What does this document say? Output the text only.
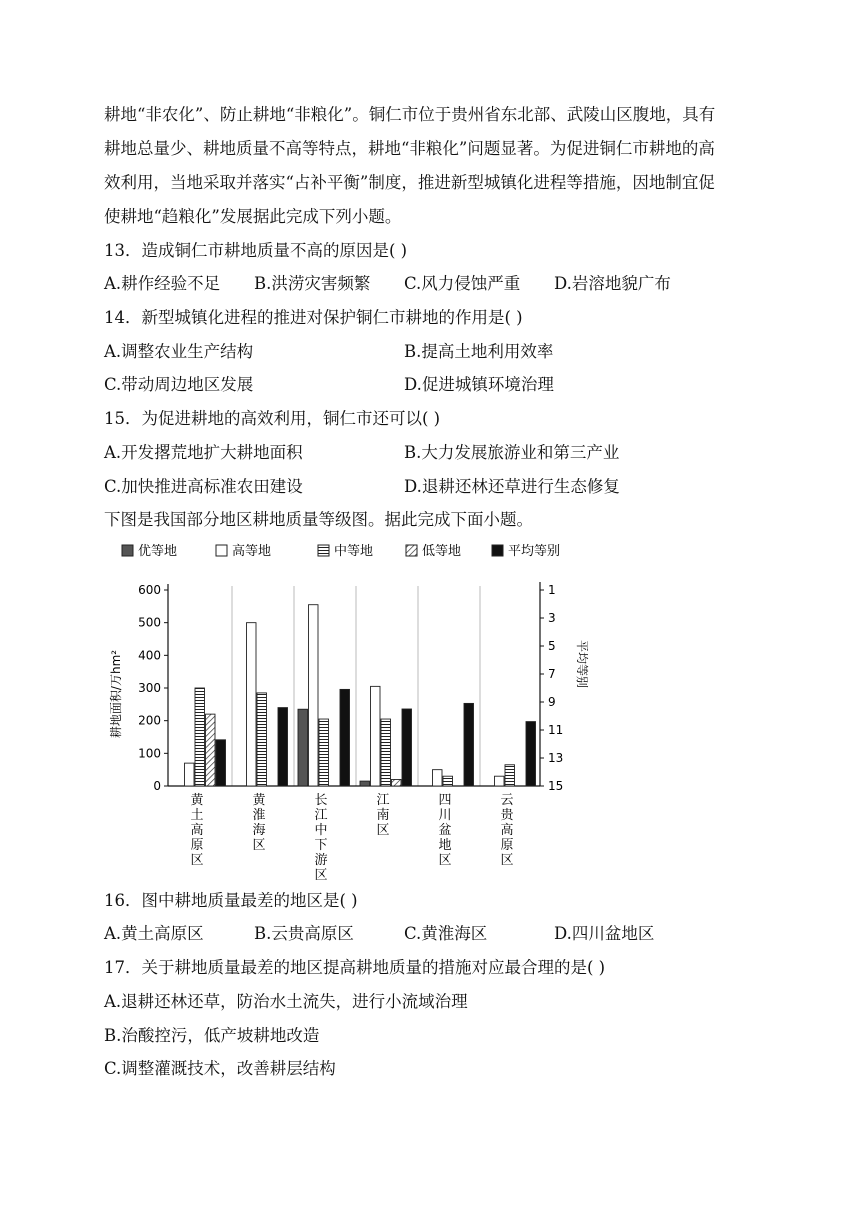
耕地“非农化”、防止耕地“非粮化”。铜仁市位于贵州省东北部、武陵山区腹地，具有
耕地总量少、耕地质量不高等特点，耕地“非粮化”问题显著。为促进铜仁市耕地的高
效利用，当地采取并落实“占补平衡”制度，推进新型城镇化进程等措施，因地制宜促
使耕地“趋粮化”发展据此完成下列小题。
13．造成铜仁市耕地质量不高的原因是( )
A.耕作经验不足 B.洪涝灾害频繁 C.风力侵蚀严重 D.岩溶地貌广布
14．新型城镇化进程的推进对保护铜仁市耕地的作用是( )
A.调整农业生产结构	B.提高土地利用效率
C.带动周边地区发展	D.促进城镇环境治理
15．为促进耕地的高效利用，铜仁市还可以( )
A.开发撂荒地扩大耕地面积	B.大力发展旅游业和第三产业
C.加快推进高标准农田建设	D.退耕还林还草进行生态修复
下图是我国部分地区耕地质量等级图。据此完成下面小题。
优等地	高等地	中等地	低等地	平均等别
0
100
200
300
400
500
600	1
3
5
7
9
11
13
15
黄土高原区
黄淮海区
长江中下游区
江南区
四川盆地区
云贵高原区
耕地面积/万hm²	平均等别
16．图中耕地质量最差的地区是( )
A.黄土高原区	B.云贵高原区	C.黄淮海区	D.四川盆地区
17．关于耕地质量最差的地区提高耕地质量的措施对应最合理的是( )
A.退耕还林还草，防治水土流失，进行小流域治理
B.治酸控污，低产坡耕地改造
C.调整灌溉技术，改善耕层结构
